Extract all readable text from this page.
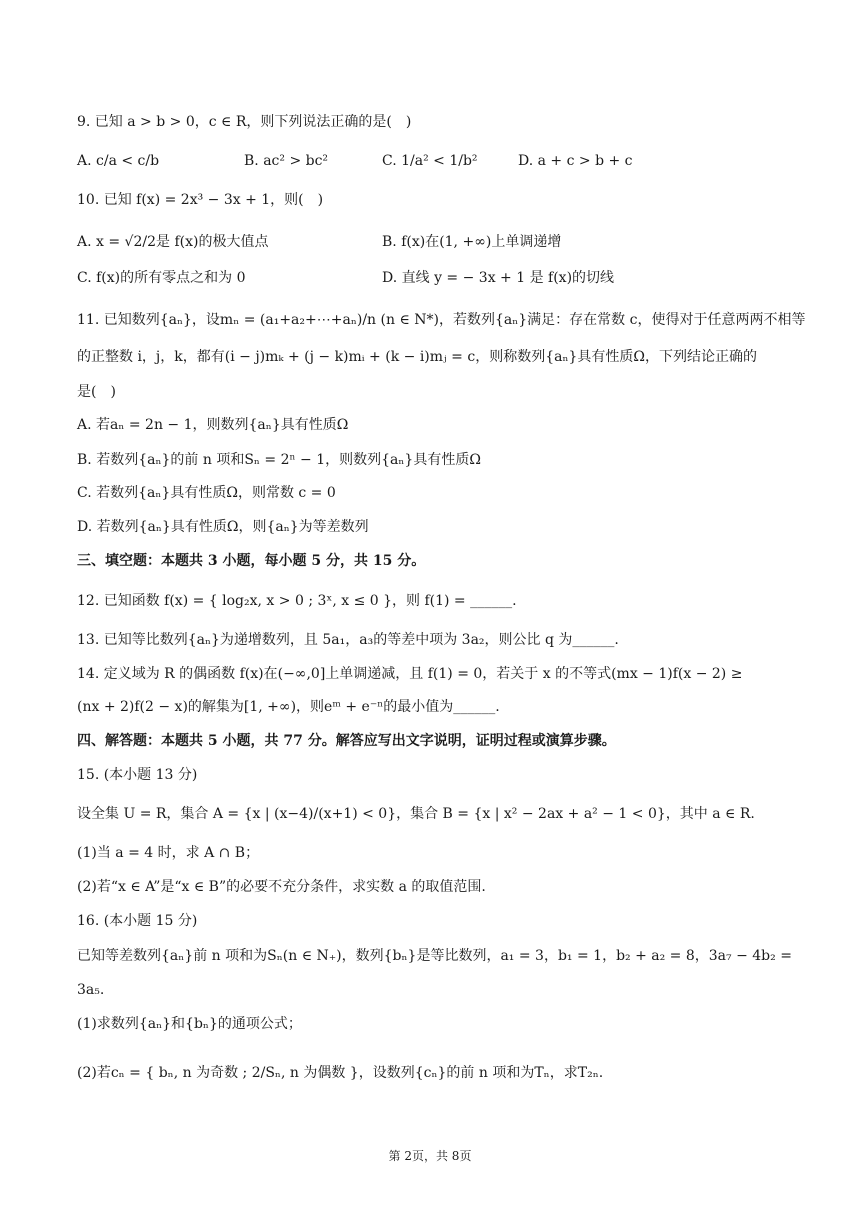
9. 已知 a > b > 0，c ∈ R，则下列说法正确的是(　)
A. c/a < c/b	B. ac² > bc²	C. 1/a² < 1/b²	D. a + c > b + c
10. 已知 f(x) = 2x³ − 3x + 1，则(　)
A. x = √2/2是 f(x)的极大值点	B. f(x)在(1, +∞)上单调递增
C. f(x)的所有零点之和为 0	D. 直线 y = − 3x + 1 是 f(x)的切线
11. 已知数列{aₙ}，设mₙ = (a₁+a₂+⋯+aₙ)/n (n ∈ N*)，若数列{aₙ}满足：存在常数 c，使得对于任意两两不相等
的正整数 i，j，k，都有(i − j)mₖ + (j − k)mᵢ + (k − i)mⱼ = c，则称数列{aₙ}具有性质Ω，下列结论正确的
是(　)
A. 若aₙ = 2n − 1，则数列{aₙ}具有性质Ω
B. 若数列{aₙ}的前 n 项和Sₙ = 2ⁿ − 1，则数列{aₙ}具有性质Ω
C. 若数列{aₙ}具有性质Ω，则常数 c = 0
D. 若数列{aₙ}具有性质Ω，则{aₙ}为等差数列
三、填空题：本题共 3 小题，每小题 5 分，共 15 分。
12. 已知函数 f(x) = { log₂x, x > 0 ; 3ˣ, x ≤ 0 }，则 f(1) = ______.
13. 已知等比数列{aₙ}为递增数列，且 5a₁，a₃的等差中项为 3a₂，则公比 q 为______.
14. 定义域为 R 的偶函数 f(x)在(−∞,0]上单调递减，且 f(1) = 0，若关于 x 的不等式(mx − 1)f(x − 2) ≥
(nx + 2)f(2 − x)的解集为[1, +∞)，则eᵐ + e⁻ⁿ的最小值为______.
四、解答题：本题共 5 小题，共 77 分。解答应写出文字说明，证明过程或演算步骤。
15. (本小题 13 分)
设全集 U = R，集合 A = {x | (x−4)/(x+1) < 0}，集合 B = {x | x² − 2ax + a² − 1 < 0}，其中 a ∈ R.
(1)当 a = 4 时，求 A ∩ B；
(2)若“x ∈ A”是“x ∈ B”的必要不充分条件，求实数 a 的取值范围.
16. (本小题 15 分)
已知等差数列{aₙ}前 n 项和为Sₙ(n ∈ N₊)，数列{bₙ}是等比数列，a₁ = 3，b₁ = 1，b₂ + a₂ = 8，3a₇ − 4b₂ =
3a₅.
(1)求数列{aₙ}和{bₙ}的通项公式；
(2)若cₙ = { bₙ, n 为奇数 ; 2/Sₙ, n 为偶数 }，设数列{cₙ}的前 n 项和为Tₙ，求T₂ₙ.
第 2页，共 8页
